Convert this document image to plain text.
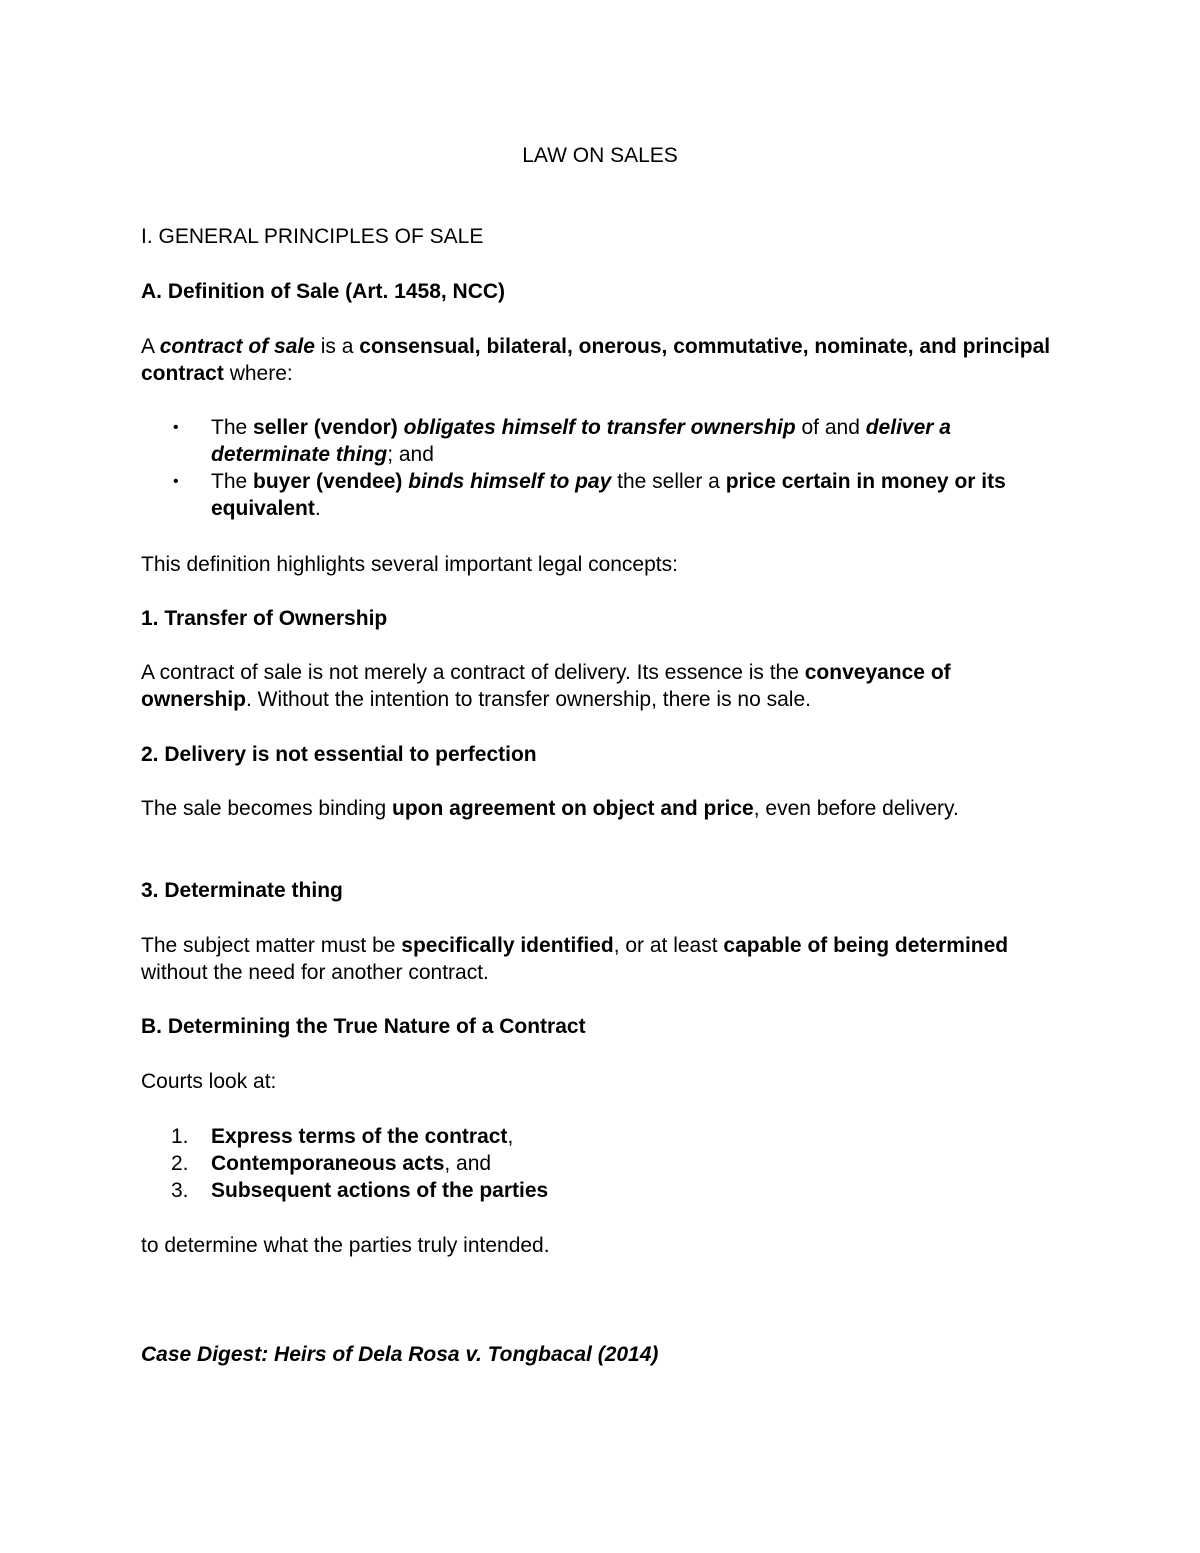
LAW ON SALES

I. GENERAL PRINCIPLES OF SALE

A. Definition of Sale (Art. 1458, NCC)

A contract of sale is a consensual, bilateral, onerous, commutative, nominate, and principal contract where:

• The seller (vendor) obligates himself to transfer ownership of and deliver a determinate thing; and
• The buyer (vendee) binds himself to pay the seller a price certain in money or its equivalent.

This definition highlights several important legal concepts:

1. Transfer of Ownership

A contract of sale is not merely a contract of delivery. Its essence is the conveyance of ownership. Without the intention to transfer ownership, there is no sale.

2. Delivery is not essential to perfection

The sale becomes binding upon agreement on object and price, even before delivery.

3. Determinate thing

The subject matter must be specifically identified, or at least capable of being determined without the need for another contract.

B. Determining the True Nature of a Contract

Courts look at:

1. Express terms of the contract,
2. Contemporaneous acts, and
3. Subsequent actions of the parties

to determine what the parties truly intended.

Case Digest: Heirs of Dela Rosa v. Tongbacal (2014)
